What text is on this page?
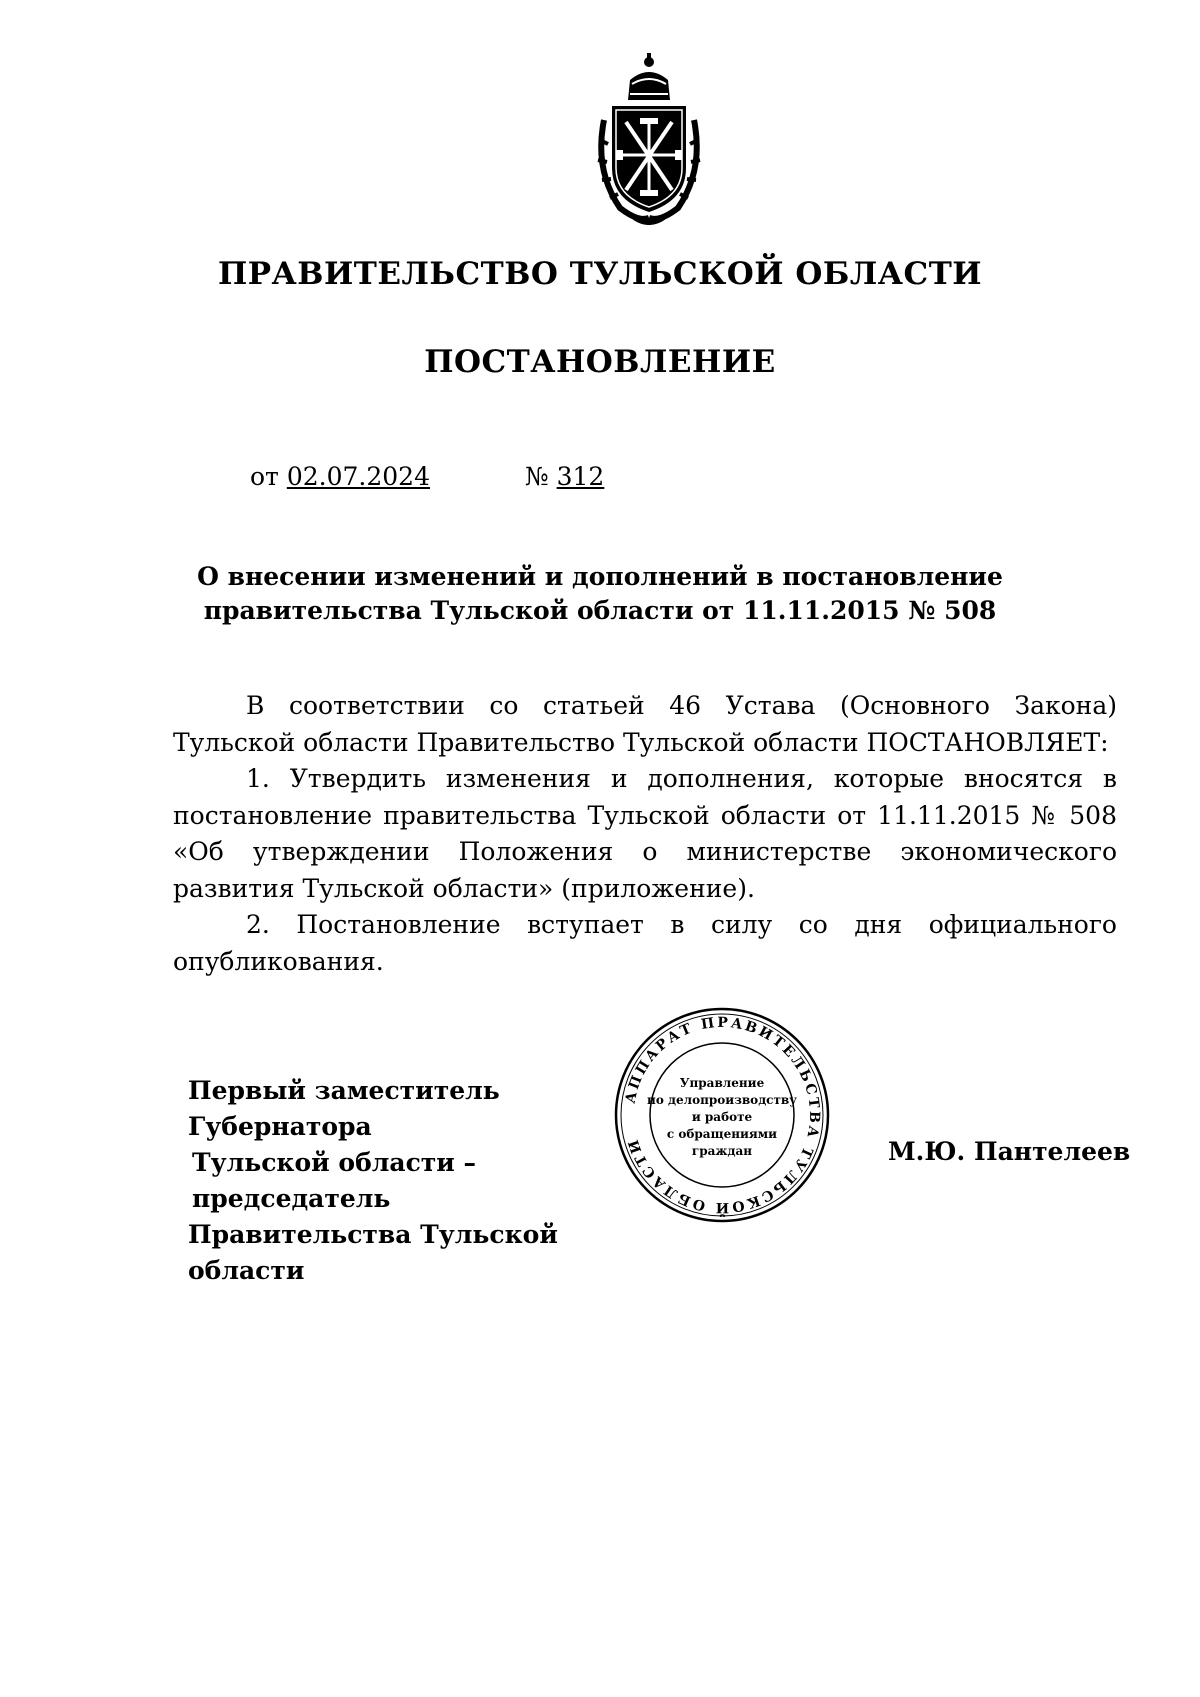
ПРАВИТЕЛЬСТВО ТУЛЬСКОЙ ОБЛАСТИ
ПОСТАНОВЛЕНИЕ
от 02.07.2024	№ 312
О внесении изменений и дополнений в постановление
правительства Тульской области от 11.11.2015 № 508

В соответствии со статьей 46 Устава (Основного Закона) Тульской области Правительство Тульской области ПОСТАНОВЛЯЕТ:

1. Утвердить изменения и дополнения, которые вносятся в постановление правительства Тульской области от 11.11.2015 № 508 «Об утверждении Положения о министерстве экономического развития Тульской области» (приложение).

2. Постановление вступает в силу со дня официального опубликования.

Первый заместитель Губернатора
Тульской области – председатель
Правительства Тульской области
АППАРАТ ПРАВИТЕЛЬСТВА ТУЛЬСКОЙ ОБЛАСТИ
Управление
по делопроизводству
и работе
с обращениями
граждан	М.Ю. Пантелеев
